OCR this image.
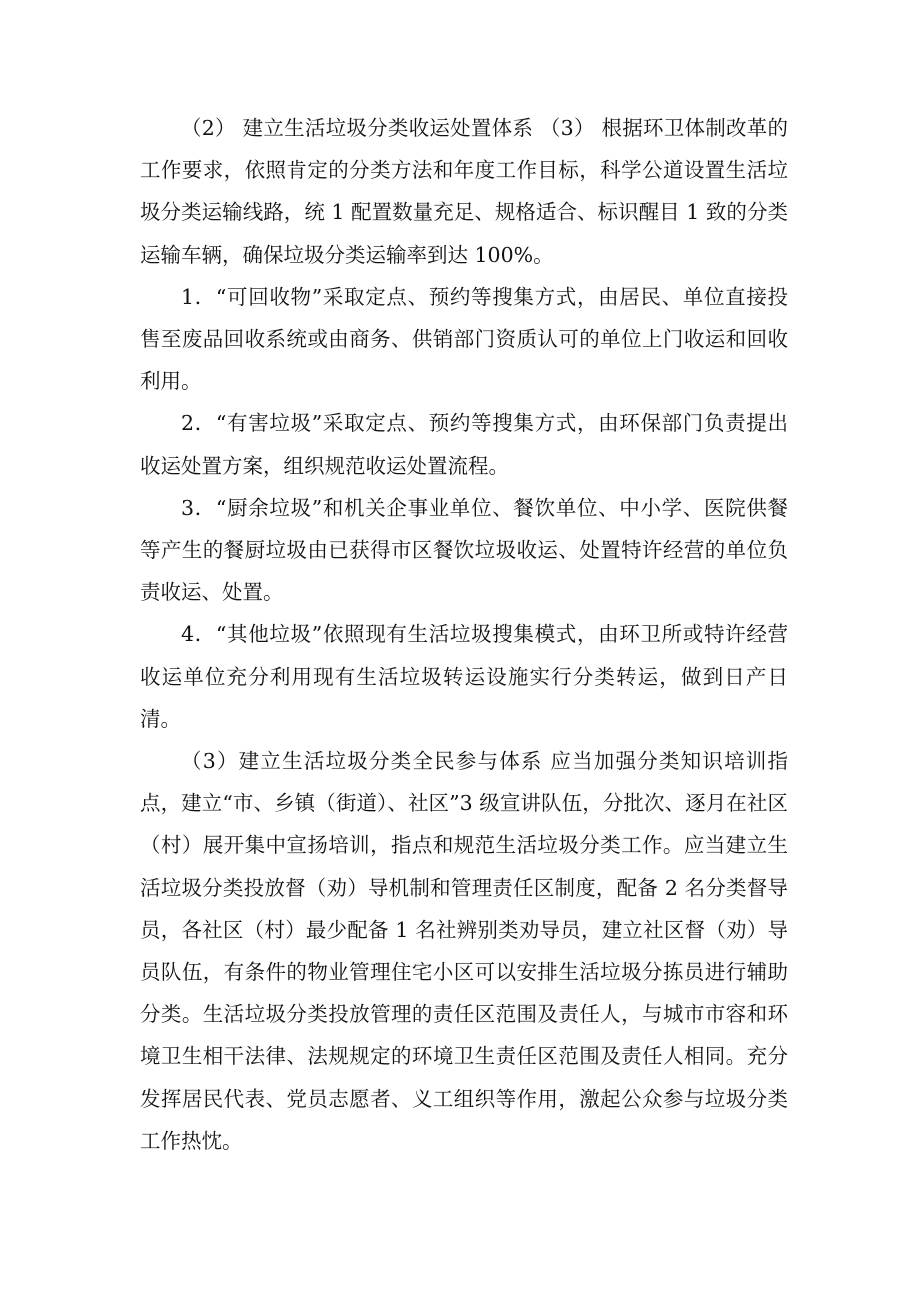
（2） 建立生活垃圾分类收运处置体系 （3） 根据环卫体制改革的工作要求，依照肯定的分类方法和年度工作目标，科学公道设置生活垃圾分类运输线路，统 1 配置数量充足、规格适合、标识醒目 1 致的分类运输车辆，确保垃圾分类运输率到达 100%。

1．“可回收物”采取定点、预约等搜集方式，由居民、单位直接投售至废品回收系统或由商务、供销部门资质认可的单位上门收运和回收利用。

2．“有害垃圾”采取定点、预约等搜集方式，由环保部门负责提出收运处置方案，组织规范收运处置流程。

3．“厨余垃圾”和机关企事业单位、餐饮单位、中小学、医院供餐等产生的餐厨垃圾由已获得市区餐饮垃圾收运、处置特许经营的单位负责收运、处置。

4．“其他垃圾”依照现有生活垃圾搜集模式，由环卫所或特许经营收运单位充分利用现有生活垃圾转运设施实行分类转运，做到日产日清。

（3）建立生活垃圾分类全民参与体系 应当加强分类知识培训指点，建立“市、乡镇（街道）、社区”3 级宣讲队伍，分批次、逐月在社区（村）展开集中宣扬培训，指点和规范生活垃圾分类工作。应当建立生活垃圾分类投放督（劝）导机制和管理责任区制度，配备 2 名分类督导员，各社区（村）最少配备 1 名社辨别类劝导员，建立社区督（劝）导员队伍，有条件的物业管理住宅小区可以安排生活垃圾分拣员进行辅助分类。生活垃圾分类投放管理的责任区范围及责任人，与城市市容和环境卫生相干法律、法规规定的环境卫生责任区范围及责任人相同。充分发挥居民代表、党员志愿者、义工组织等作用，激起公众参与垃圾分类工作热忱。
